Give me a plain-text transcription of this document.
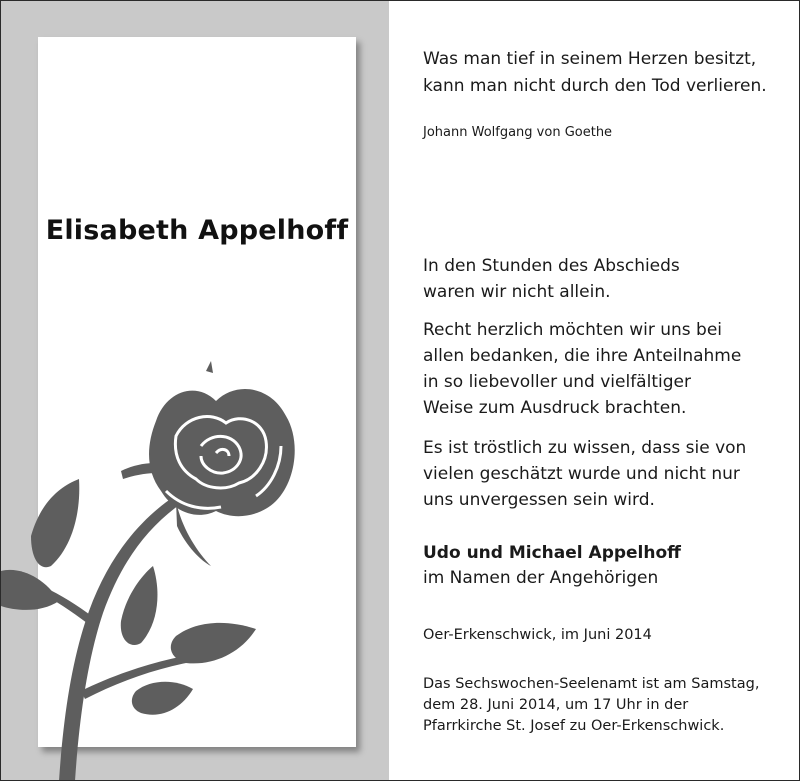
Elisabeth Appelhoff
Was man tief in seinem Herzen besitzt,
kann man nicht durch den Tod verlieren.
Johann Wolfgang von Goethe
In den Stunden des Abschieds
waren wir nicht allein.
Recht herzlich möchten wir uns bei
allen bedanken, die ihre Anteilnahme
in so liebevoller und vielfältiger
Weise zum Ausdruck brachten.
Es ist tröstlich zu wissen, dass sie von
vielen geschätzt wurde und nicht nur
uns unvergessen sein wird.
Udo und Michael Appelhoff
im Namen der Angehörigen
Oer-Erkenschwick, im Juni 2014
Das Sechswochen-Seelenamt ist am Samstag,
dem 28. Juni 2014, um 17 Uhr in der
Pfarrkirche St. Josef zu Oer-Erkenschwick.
